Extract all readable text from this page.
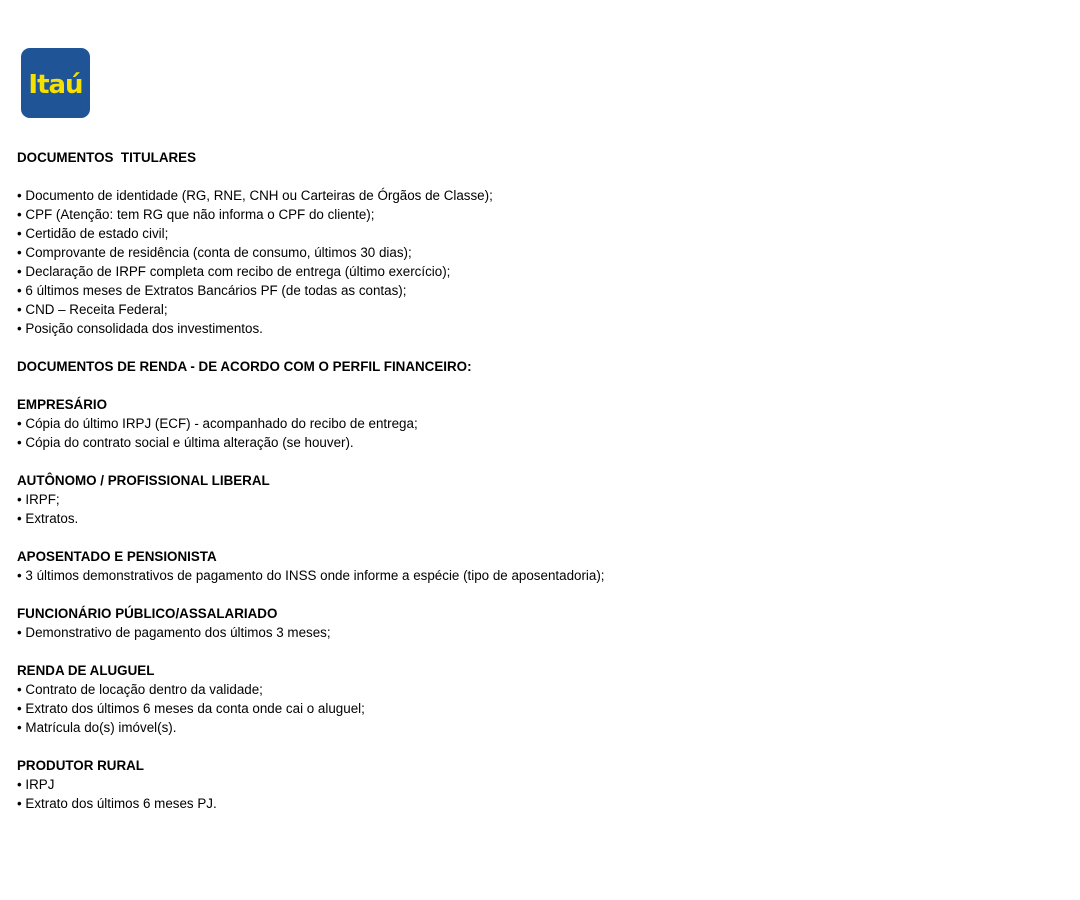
Itaú

DOCUMENTOS  TITULARES

• Documento de identidade (RG, RNE, CNH ou Carteiras de Órgãos de Classe);

• CPF (Atenção: tem RG que não informa o CPF do cliente);

• Certidão de estado civil;

• Comprovante de residência (conta de consumo, últimos 30 dias);

• Declaração de IRPF completa com recibo de entrega (último exercício);

• 6 últimos meses de Extratos Bancários PF (de todas as contas);

• CND – Receita Federal;

• Posição consolidada dos investimentos.

DOCUMENTOS DE RENDA - DE ACORDO COM O PERFIL FINANCEIRO:

EMPRESÁRIO

• Cópia do último IRPJ (ECF) - acompanhado do recibo de entrega;

• Cópia do contrato social e última alteração (se houver).

AUTÔNOMO / PROFISSIONAL LIBERAL

• IRPF;

• Extratos.

APOSENTADO E PENSIONISTA

• 3 últimos demonstrativos de pagamento do INSS onde informe a espécie (tipo de aposentadoria);

FUNCIONÁRIO PÚBLICO/ASSALARIADO

• Demonstrativo de pagamento dos últimos 3 meses;

RENDA DE ALUGUEL

• Contrato de locação dentro da validade;

• Extrato dos últimos 6 meses da conta onde cai o aluguel;

• Matrícula do(s) imóvel(s).

PRODUTOR RURAL

• IRPJ

• Extrato dos últimos 6 meses PJ.
